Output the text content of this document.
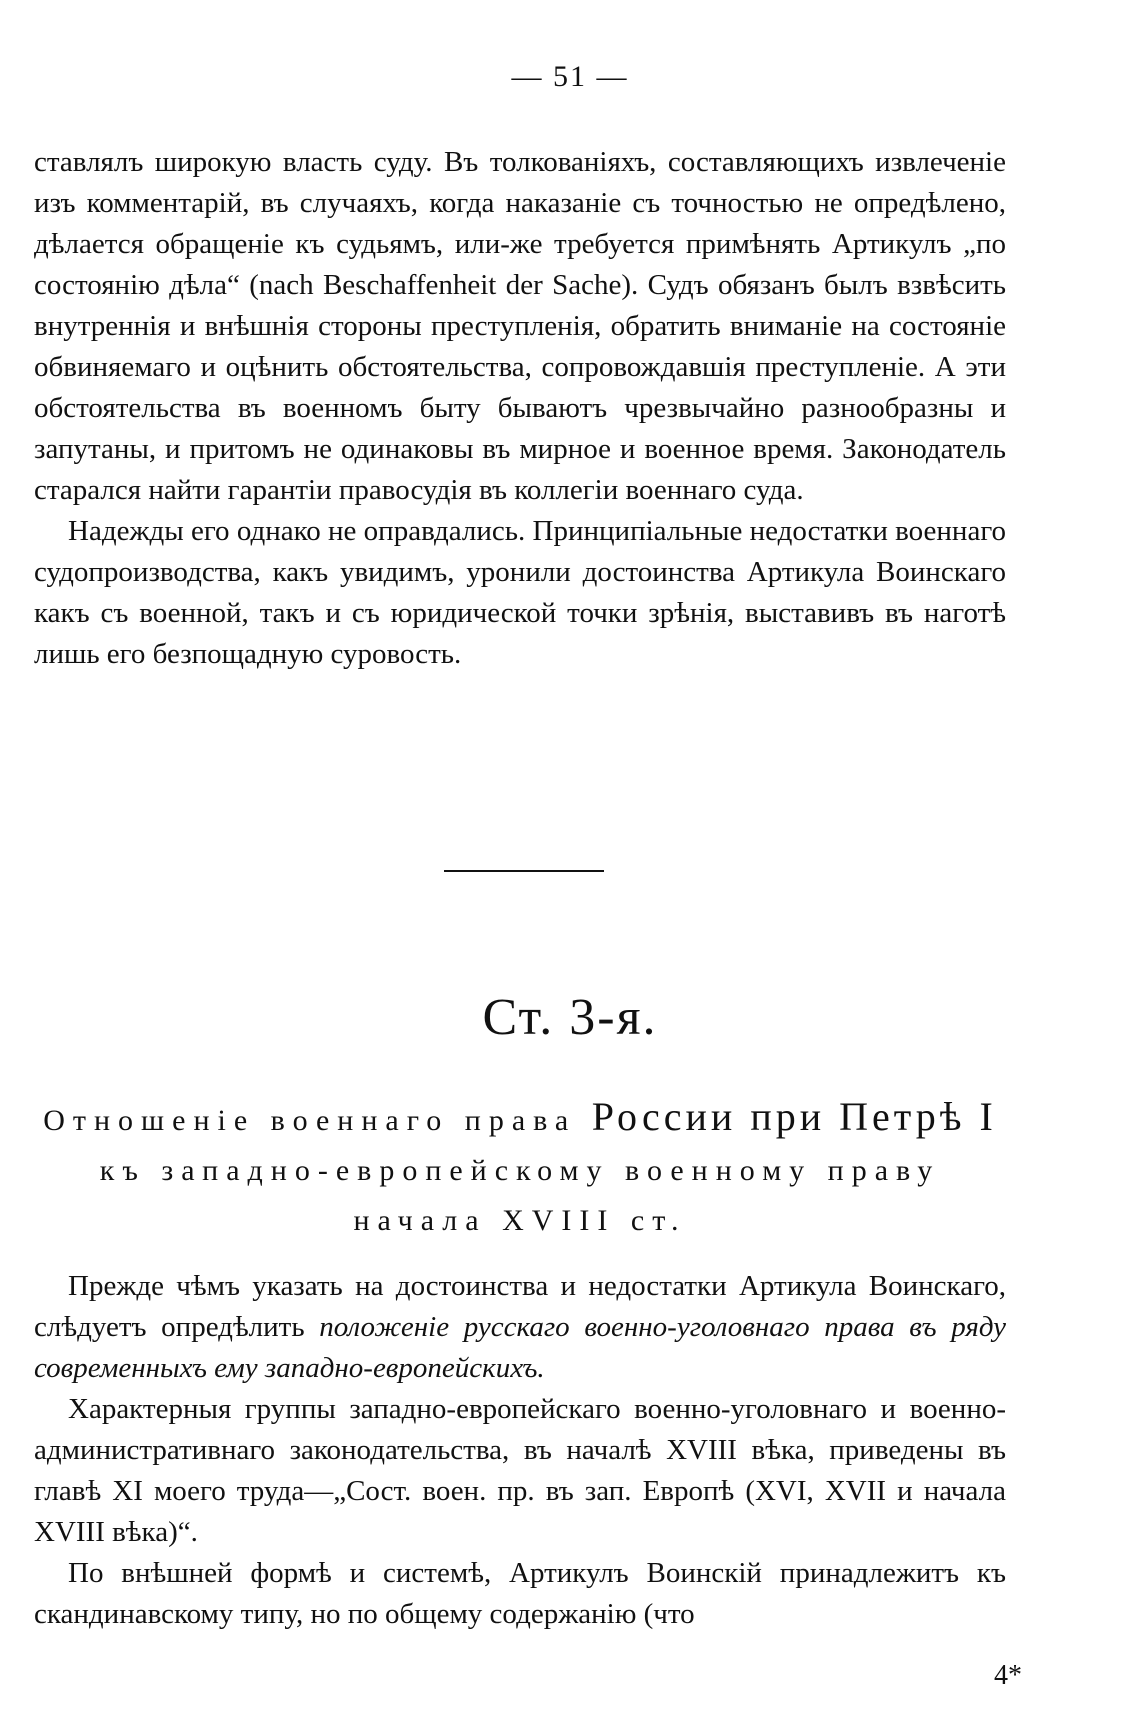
— 51 —

ставлялъ широкую власть суду. Въ толкованіяхъ, составляющихъ извлеченіе изъ комментарій, въ случаяхъ, когда наказаніе съ точностью не опредѣлено, дѣлается обращеніе къ судьямъ, или-же требуется примѣнять Артикулъ „по состоянію дѣла“ (nach Beschaffenheit der Sache). Судъ обязанъ былъ взвѣсить внутреннія и внѣшнія стороны преступленія, обратить вниманіе на состояніе обвиняемаго и оцѣнить обстоятельства, сопровождавшія преступленіе. А эти обстоятельства въ военномъ быту бываютъ чрезвычайно разнообразны и запутаны, и притомъ не одинаковы въ мирное и военное время. Законодатель старался найти гарантіи правосудія въ коллегіи военнаго суда.

Надежды его однако не оправдались. Принципіальные недостатки военнаго судопроизводства, какъ увидимъ, уронили достоинства Артикула Воинскаго какъ съ военной, такъ и съ юридической точки зрѣнія, выставивъ въ наготѣ лишь его безпощадную суровость.

Ст. 3-я.
Отношеніе военнаго права России при Петрѣ I
къ западно-европейскому военному праву
начала XVIII ст.

Прежде чѣмъ указать на достоинства и недостатки Артикула Воинскаго, слѣдуетъ опредѣлить положеніе русскаго военно-уголовнаго права въ ряду современныхъ ему западно-европейскихъ.

Характерныя группы западно-европейскаго военно-уголовнаго и военно-административнаго законодательства, въ началѣ XVIII вѣка, приведены въ главѣ XI моего труда—„Сост. воен. пр. въ зап. Европѣ (XVI, XVII и начала XVIII вѣка)“.

По внѣшней формѣ и системѣ, Артикулъ Воинскій принадлежитъ къ скандинавскому типу, но по общему содержанію (что

4*
